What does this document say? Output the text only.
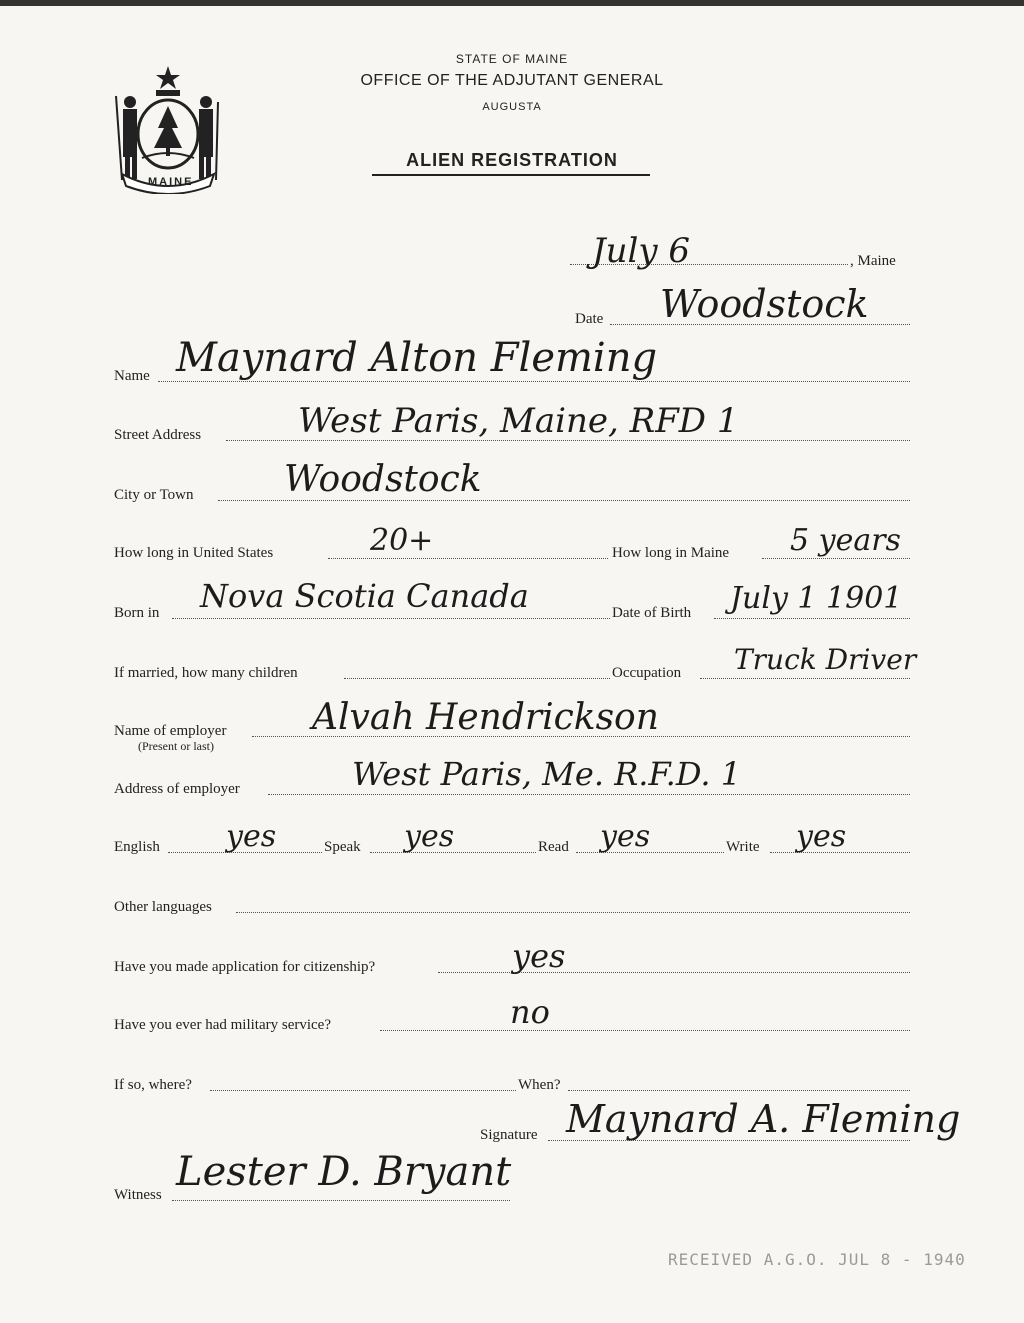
MAINE
STATE OF MAINE
OFFICE OF THE ADJUTANT GENERAL
AUGUSTA
ALIEN REGISTRATION
July 6	, Maine
Date Woodstock
Name Maynard Alton Fleming
Street Address	West Paris, Maine, RFD 1
City or Town	Woodstock
How long in United States	20+	How long in Maine 5 years
Born in Nova Scotia Canada	Date of Birth July 1 1901
If married, how many children	Occupation Truck Driver
Name of employer
(Present or last)
Alvah Hendrickson
Address of employer	West Paris, Me. R.F.D. 1
English yes	Speak yes	Read yes	Write yes
Other languages
Have you made application for citizenship?	yes
Have you ever had military service?	no
If so, where?	When?
Signature Maynard A. Fleming
Witness Lester D. Bryant
RECEIVED A.G.O. JUL 8 - 1940
